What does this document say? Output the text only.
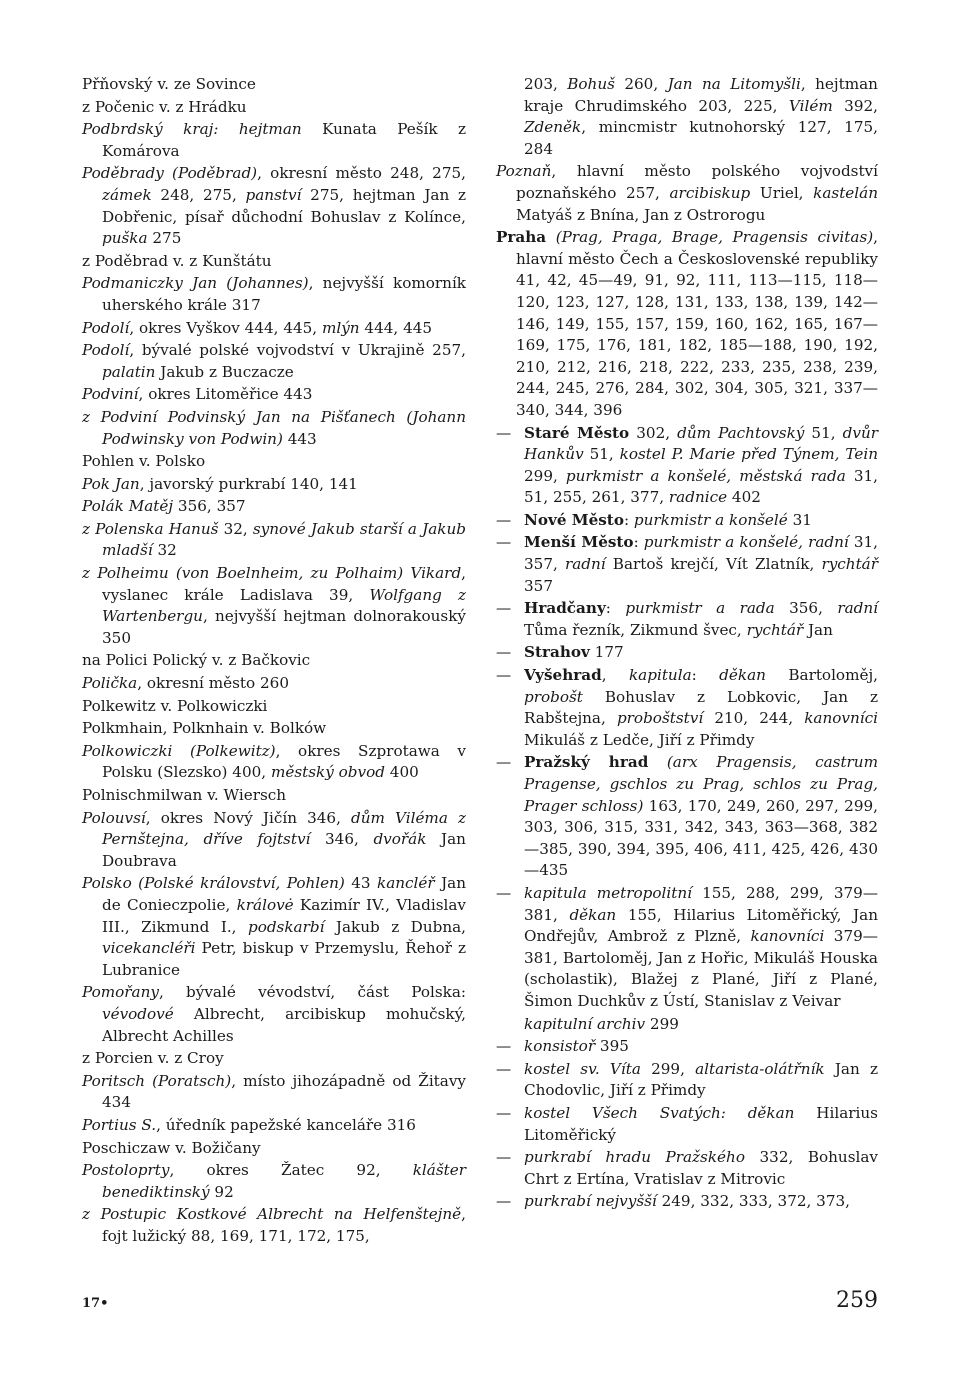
Přňovský v. ze Sovince

z Počenic v. z Hrádku

Podbrdský kraj: hejtman Kunata Pešík z Komárova

Poděbrady (Poděbrad), okresní město 248, 275, zámek 248, 275, panství 275, hejtman Jan z Dobřenic, písař důchodní Bohuslav z Kolínce, puška 275

z Poděbrad v. z Kunštátu

Podmaniczky Jan (Johannes), nejvyšší komorník uherského krále 317

Podolí, okres Vyškov 444, 445, mlýn 444, 445

Podolí, bývalé polské vojvodství v Ukrajině 257, palatin Jakub z Buczacze

Podviní, okres Litoměřice 443

z Podviní Podvinský Jan na Pišťanech (Johann Podwinsky von Podwin) 443

Pohlen v. Polsko

Pok Jan, javorský purkrabí 140, 141

Polák Matěj 356, 357

z Polenska Hanuš 32, synové Jakub starší a Jakub mladší 32

z Polheimu (von Boelnheim, zu Polhaim) Vikard, vyslanec krále Ladislava 39, Wolfgang z Wartenbergu, nejvyšší hejtman dolnorakouský 350

na Polici Polický v. z Bačkovic

Polička, okresní město 260

Polkewitz v. Polkowiczki

Polkmhain, Polknhain v. Bolków

Polkowiczki (Polkewitz), okres Szprotawa v Polsku (Slezsko) 400, městský obvod 400

Polnischmilwan v. Wiersch

Polouvsí, okres Nový Jičín 346, dům Viléma z Pernštejna, dříve fojtství 346, dvořák Jan Doubrava

Polsko (Polské království, Pohlen) 43 kancléř Jan de Conieczpolie, královė Kazimír IV., Vladislav III., Zikmund I., podskarbí Jakub z Dubna, vicekancléři Petr, biskup v Przemyslu, Řehoř z Lubranice

Pomořany, bývalé vévodství, část Polska: vévodové Albrecht, arcibiskup mohučský, Albrecht Achilles

z Porcien v. z Croy

Poritsch (Poratsch), místo jihozápadně od Žitavy 434

Portius S., úředník papežské kanceláře 316

Poschiczaw v. Božičany

Postoloprty, okres Žatec 92, klášter benediktinský 92

z Postupic Kostkové Albrecht na Helfenštejně, fojt lužický 88, 169, 171, 172, 175,

203, Bohuš 260, Jan na Litomyšli, hejtman kraje Chrudimského 203, 225, Vilém 392, Zdeněk, mincmistr kutnohorský 127, 175, 284

Poznaň, hlavní město polského vojvodství poznaňského 257, arcibiskup Uriel, kastelán Matyáš z Bnína, Jan z Ostrorogu

Praha (Prag, Praga, Brage, Pragensis civitas), hlavní město Čech a Československé republiky 41, 42, 45—49, 91, 92, 111, 113—115, 118—120, 123, 127, 128, 131, 133, 138, 139, 142—146, 149, 155, 157, 159, 160, 162, 165, 167—169, 175, 176, 181, 182, 185—188, 190, 192, 210, 212, 216, 218, 222, 233, 235, 238, 239, 244, 245, 276, 284, 302, 304, 305, 321, 337—340, 344, 396

— Staré Město 302, dům Pachtovský 51, dvůr Hankův 51, kostel P. Marie před Týnem, Tein 299, purkmistr a konšelé, městská rada 31, 51, 255, 261, 377, radnice 402

— Nové Město: purkmistr a konšelé 31

— Menší Město: purkmistr a konšelé, radní 31, 357, radní Bartoš krejčí, Vít Zlatník, rychtář 357

— Hradčany: purkmistr a rada 356, radní Tůma řezník, Zikmund švec, rychtář Jan

— Strahov 177

— Vyšehrad, kapitula: děkan Bartoloměj, probošt Bohuslav z Lobkovic, Jan z Rabštejna, proboštství 210, 244, kanovníci Mikuláš z Ledče, Jiří z Přimdy

— Pražský hrad (arx Pragensis, castrum Pragense, gschlos zu Prag, schlos zu Prag, Prager schloss) 163, 170, 249, 260, 297, 299, 303, 306, 315, 331, 342, 343, 363—368, 382—385, 390, 394, 395, 406, 411, 425, 426, 430—435

— kapitula metropolitní 155, 288, 299, 379—381, děkan 155, Hilarius Litoměřický, Jan Ondřejův, Ambrož z Plzně, kanovníci 379—381, Bartoloměj, Jan z Hořic, Mikuláš Houska (scholastik), Blažej z Plané, Jiří z Plané, Šimon Duchkův z Ústí, Stanislav z Veivar

kapitulní archiv 299

— konsistoř 395

— kostel sv. Víta 299, altarista-olátřník Jan z Chodovlic, Jiří z Přimdy

— kostel Všech Svatých: děkan Hilarius Litoměřický

— purkrabí hradu Pražského 332, Bohuslav Chrt z Ertína, Vratislav z Mitrovic

— purkrabí nejvyšší 249, 332, 333, 372, 373,

17•	259
